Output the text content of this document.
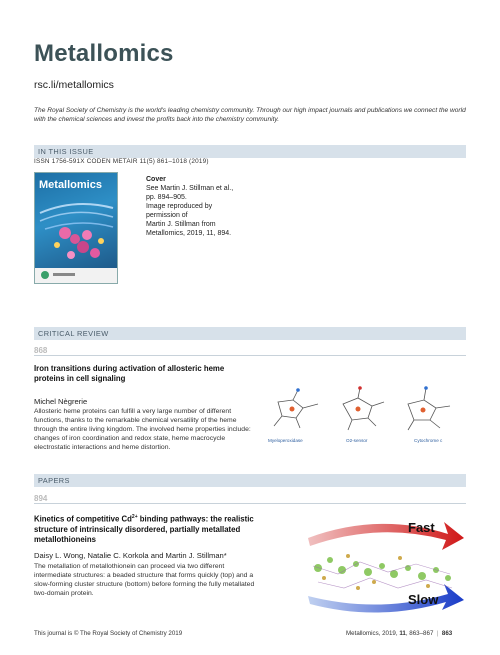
Metallomics
rsc.li/metallomics
The Royal Society of Chemistry is the world's leading chemistry community. Through our high impact journals and publications we connect the world with the chemical sciences and invest the profits back into the chemistry community.
IN THIS ISSUE
ISSN 1756-591X CODEN METAIR 11(5) 861–1018 (2019)
Metallomics	Cover
See Martin J. Stillman et al.,
pp. 894–905.
Image reproduced by
permission of
Martin J. Stillman from
Metallomics, 2019, 11, 894.
CRITICAL REVIEW
868
Iron transitions during activation of allosteric heme proteins in cell signaling
Michel Nègrerie
Allosteric heme proteins can fulfill a very large number of different functions, thanks to the remarkable chemical versatility of the heme through the entire living kingdom. The involved heme properties include: changes of iron coordination and redox state, heme macrocycle electrostatic interactions and heme distortion.
Myeloperoxidase	O2-sensor	Cytochrome c
PAPERS
894
Kinetics of competitive $Cd^{2+}$ binding pathways: the realistic structure of intrinsically disordered, partially metallated metallothioneins
Daisy L. Wong, Natalie C. Korkola and Martin J. Stillman*
The metallation of metallothionein can proceed via two different intermediate structures: a beaded structure that forms quickly (top) and a slow-forming cluster structure (bottom) before forming the fully metallated two-domain protein.
Fast
Slow
This journal is © The Royal Society of Chemistry 2019	Metallomics, 2019, 11, 863–867  |  863
